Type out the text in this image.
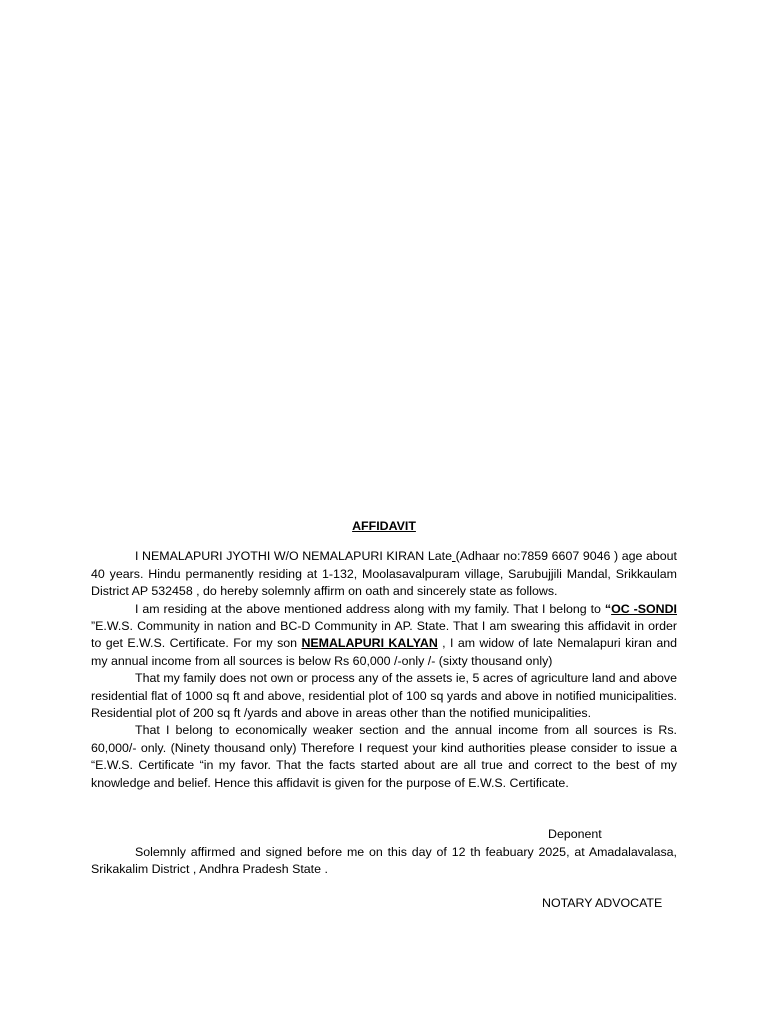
AFFIDAVIT

I NEMALAPURI JYOTHI W/O NEMALAPURI KIRAN Late (Adhaar no:7859 6607 9046 ) age about 40 years. Hindu permanently residing at 1-132, Moolasavalpuram village, Sarubujjili Mandal, Srikkaulam District AP 532458 , do hereby solemnly affirm on oath and sincerely state as follows.

I am residing at the above mentioned address along with my family. That I belong to “OC -SONDI ”E.W.S. Community in nation and BC-D Community in AP. State. That I am swearing this affidavit in order to get E.W.S. Certificate. For my son NEMALAPURI KALYAN , I am widow of late Nemalapuri kiran and my annual income from all sources is below Rs 60,000 /-only /- (sixty thousand only)

That my family does not own or process any of the assets ie, 5 acres of agriculture land and above residential flat of 1000 sq ft and above, residential plot of 100 sq yards and above in notified municipalities. Residential plot of 200 sq ft /yards and above in areas other than the notified municipalities.

That I belong to economically weaker section and the annual income from all sources is Rs. 60,000/- only. (Ninety thousand only) Therefore I request your kind authorities please consider to issue a “E.W.S. Certificate “in my favor. That the facts started about are all true and correct to the best of my knowledge and belief. Hence this affidavit is given for the purpose of E.W.S. Certificate.

Deponent

Solemnly affirmed and signed before me on this day of 12 th feabuary 2025, at Amadalavalasa, Srikakalim District , Andhra Pradesh State .

NOTARY ADVOCATE
